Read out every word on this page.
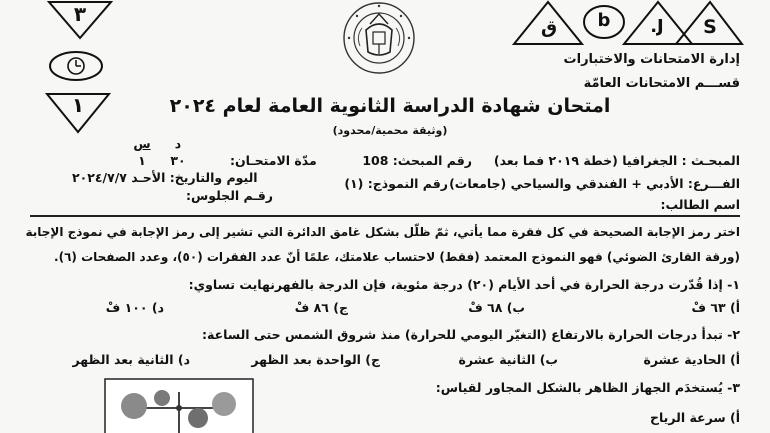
٣
١
ق	b	.J	S
إدارة الامتحانات والاختبارات
قســـم الامتحانات العامّة
امتحان شهادة الدراسة الثانوية العامة لعام ٢٠٢٤
(وثيقة محمية/محدود)
المبحـث : الجغرافيا (خطة ٢٠١٩ فما بعد)
رقم المبحث: 108
مدّة الامتحـان:
د
س
٣٠
١
الفـــرع: الأدبي + الفندقي والسياحي (جامعات)
رقم النموذج: (١)
اليوم والتاريخ: الأحـد ٢٠٢٤/٧/٧
اسم الطالب:
رقـم الجلوس:
اختر رمز الإجابة الصحيحة في كل فقرة مما يأتي، ثمّ ظلّل بشكل غامق الدائرة التي تشير إلى رمز الإجابة في نموذج الإجابة
(ورقة القارئ الضوئي) فهو النموذج المعتمد (فقط) لاحتساب علامتك، علمًا أنّ عدد الفقرات (٥٠)، وعدد الصفحات (٦).
١- إذا قُدّرت درجة الحرارة في أحد الأيام (٢٠) درجة مئوية، فإن الدرجة بالفهرنهايت تساوي:
أ) ٦٣ فْ
ب) ٦٨ فْ
ج) ٨٦ فْ
د) ١٠٠ فْ
٢- تبدأ درجات الحرارة بالارتفاع (التغيّر اليومي للحرارة) منذ شروق الشمس حتى الساعة:
أ) الحادية عشرة
ب) الثانية عشرة
ج) الواحدة بعد الظهر
د) الثانية بعد الظهر
٣- يُستخدَم الجهاز الظاهر بالشكل المجاور لقياس:
أ) سرعة الرياح
